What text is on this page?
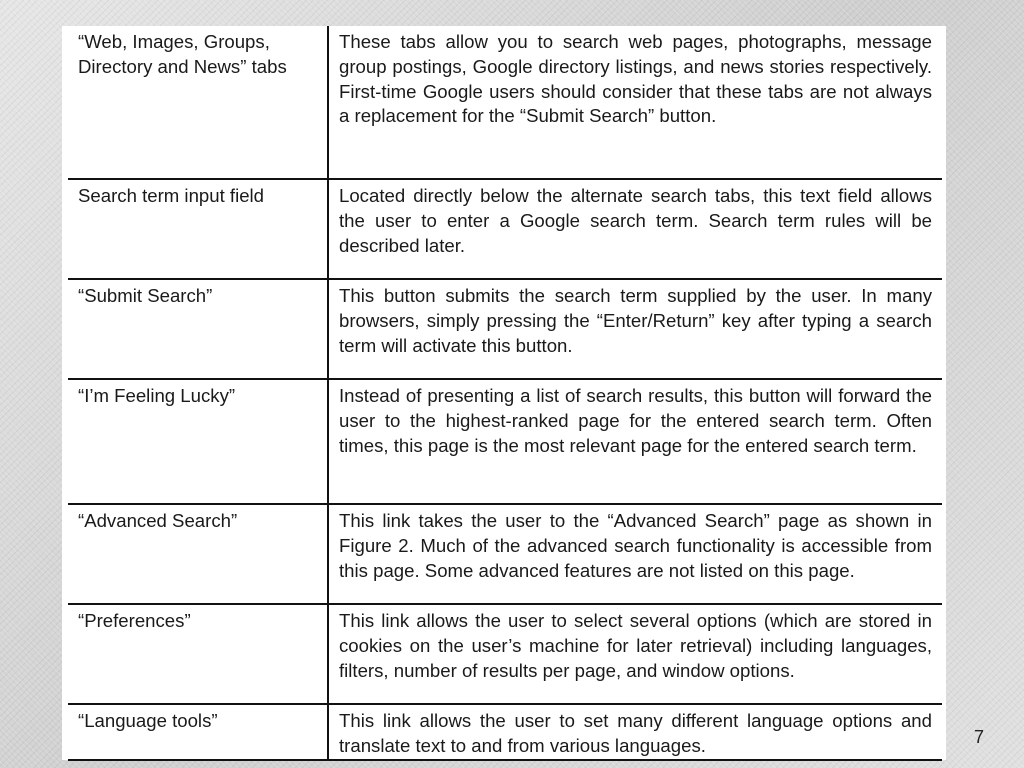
“Web, Images, Groups, Directory and News” tabs	These tabs allow you to search web pages, photographs, message group postings, Google directory listings, and news stories respectively. First-time Google users should consider that these tabs are not always a replacement for the “Submit Search” button.
Search term input field	Located directly below the alternate search tabs, this text field allows the user to enter a Google search term. Search term rules will be described later.
“Submit Search”	This button submits the search term supplied by the user. In many browsers, simply pressing the “Enter/Return” key after typing a search term will activate this button.
“I’m Feeling Lucky”	Instead of presenting a list of search results, this button will forward the user to the highest-ranked page for the entered search term. Often times, this page is the most relevant page for the entered search term.
“Advanced Search”	This link takes the user to the “Advanced Search” page as shown in Figure 2. Much of the advanced search functionality is accessible from this page. Some advanced features are not listed on this page.
“Preferences”	This link allows the user to select several options (which are stored in cookies on the user’s machine for later retrieval) including languages, filters, number of results per page, and window options.
“Language tools”	This link allows the user to set many different language options and translate text to and from various languages.	7
